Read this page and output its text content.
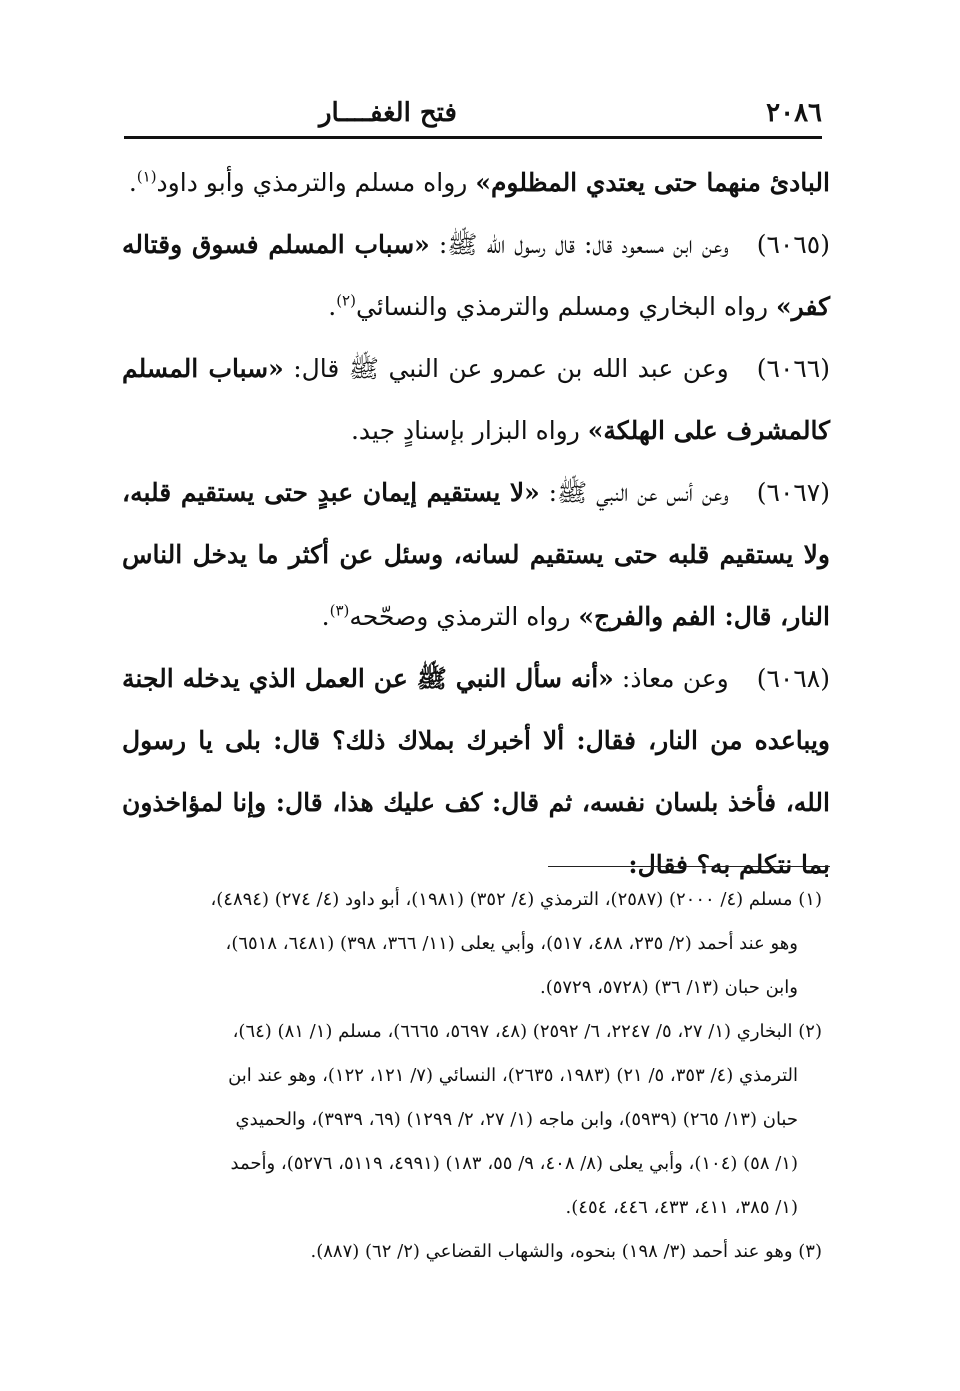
٢٠٨٦
فتح الغفــــار

البادئ منهما حتى يعتدي المظلوم» رواه مسلم والترمذي وأبو داود$^{(١)}$.

(٦٠٦٥)وعن ابن مسعود قال: قال رسول الله ﷺ: «سباب المسلم فسوق وقتاله كفر» رواه البخاري ومسلم والترمذي والنسائي$^{(٢)}$.

(٦٠٦٦)وعن عبد الله بن عمرو عن النبي ﷺ قال: «سباب المسلم كالمشرف على الهلكة» رواه البزار بإسنادٍ جيد.

(٦٠٦٧)وعن أنس عن النبي ﷺ: «لا يستقيم إيمان عبدٍ حتى يستقيم قلبه، ولا يستقيم قلبه حتى يستقيم لسانه، وسئل عن أكثر ما يدخل الناس النار، قال: الفم والفرج» رواه الترمذي وصحّحه$^{(٣)}$.

(٦٠٦٨)وعن معاذ: «أنه سأل النبي ﷺ عن العمل الذي يدخله الجنة ويباعده من النار، فقال: ألا أخبرك بملاك ذلك؟ قال: بلى يا رسول الله، فأخذ بلسان نفسه، ثم قال: كف عليك هذا، قال: وإنا لمؤاخذون بما نتكلم به؟ فقال:

(١) مسلم (٤/ ٢٠٠٠) (٢٥٨٧)، الترمذي (٤/ ٣٥٢) (١٩٨١)، أبو داود (٤/ ٢٧٤) (٤٨٩٤)،

وهو عند أحمد (٢/ ٢٣٥، ٤٨٨، ٥١٧)، وأبي يعلى (١١/ ٣٦٦، ٣٩٨) (٦٤٨١، ٦٥١٨)،

وابن حبان (١٣/ ٣٦) (٥٧٢٨، ٥٧٢٩).

(٢) البخاري (١/ ٢٧، ٥/ ٢٢٤٧، ٦/ ٢٥٩٢) (٤٨، ٥٦٩٧، ٦٦٦٥)، مسلم (١/ ٨١) (٦٤)،

الترمذي (٤/ ٣٥٣، ٥/ ٢١) (١٩٨٣، ٢٦٣٥)، النسائي (٧/ ١٢١، ١٢٢)، وهو عند ابن

حبان (١٣/ ٢٦٥) (٥٩٣٩)، وابن ماجه (١/ ٢٧، ٢/ ١٢٩٩) (٦٩، ٣٩٣٩)، والحميدي

(١/ ٥٨) (١٠٤)، وأبي يعلى (٨/ ٤٠٨، ٩/ ٥٥، ١٨٣) (٤٩٩١، ٥١١٩، ٥٢٧٦)، وأحمد

(١/ ٣٨٥، ٤١١، ٤٣٣، ٤٤٦، ٤٥٤).

(٣) وهو عند أحمد (٣/ ١٩٨) بنحوه، والشهاب القضاعي (٢/ ٦٢) (٨٨٧).
